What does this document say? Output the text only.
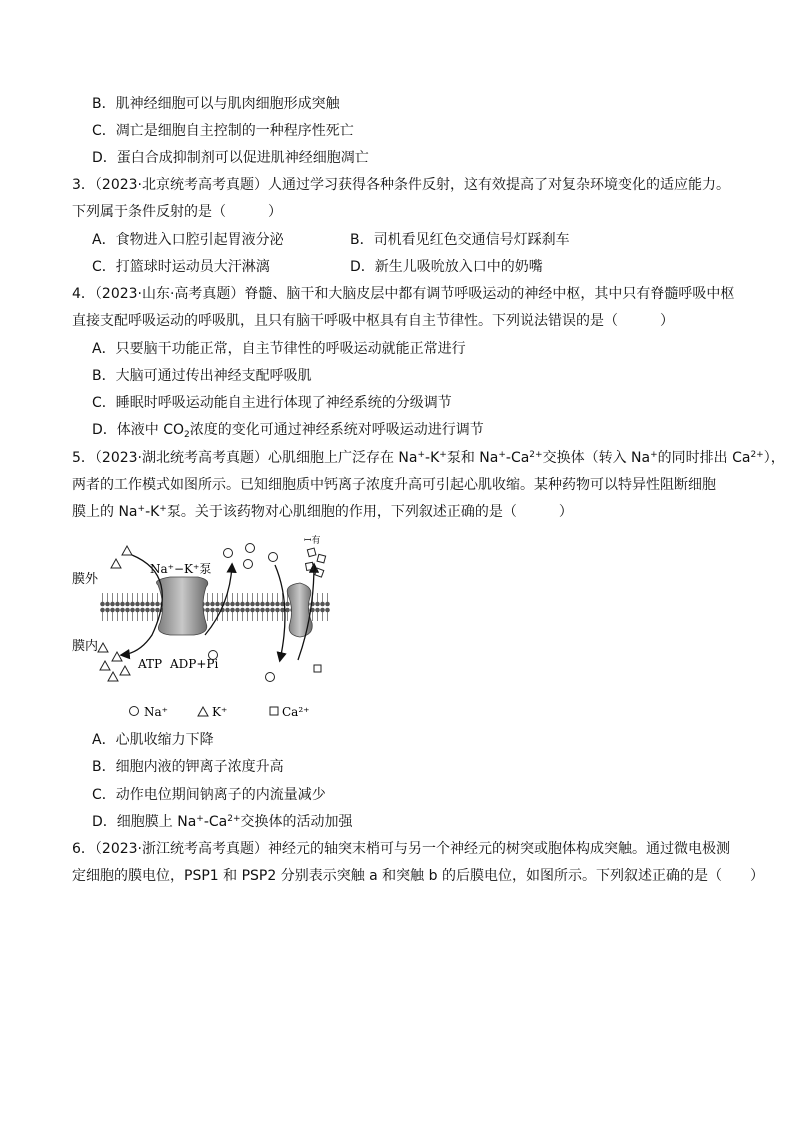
B．肌神经细胞可以与肌肉细胞形成突触
C．凋亡是细胞自主控制的一种程序性死亡
D．蛋白合成抑制剂可以促进肌神经细胞凋亡
3．（2023·北京统考高考真题）人通过学习获得各种条件反射，这有效提高了对复杂环境变化的适应能力。
下列属于条件反射的是（　　　）
A．食物进入口腔引起胃液分泌	B．司机看见红色交通信号灯踩刹车
C．打篮球时运动员大汗淋漓	D．新生儿吸吮放入口中的奶嘴
4．（2023·山东·高考真题）脊髓、脑干和大脑皮层中都有调节呼吸运动的神经中枢，其中只有脊髓呼吸中枢
直接支配呼吸运动的呼吸肌，且只有脑干呼吸中枢具有自主节律性。下列说法错误的是（　　　）
A．只要脑干功能正常，自主节律性的呼吸运动就能正常进行
B．大脑可通过传出神经支配呼吸肌
C．睡眠时呼吸运动能自主进行体现了神经系统的分级调节
D．体液中 $CO_2$浓度的变化可通过神经系统对呼吸运动进行调节
5．（2023·湖北统考高考真题）心肌细胞上广泛存在 Na+-K+泵和 $Na^+-Ca^{2+}$交换体（转入 Na+的同时排出 $Ca^{2+}$），
两者的工作模式如图所示。已知细胞质中钙离子浓度升高可引起心肌收缩。某种药物可以特异性阻断细胞
膜上的 Na+-K+泵。关于该药物对心肌细胞的作用，下列叙述正确的是（　　　）
膜外
膜内
Na⁺−K⁺泵
ꟷ有
ATP ADP+Pi
Na⁺	K⁺	Ca²⁺
A．心肌收缩力下降
B．细胞内液的钾离子浓度升高
C．动作电位期间钠离子的内流量减少
D．细胞膜上 $Na^+-Ca^{2+}$交换体的活动加强
6．（2023·浙江统考高考真题）神经元的轴突末梢可与另一个神经元的树突或胞体构成突触。通过微电极测
定细胞的膜电位，PSP1 和 PSP2 分别表示突触 a 和突触 b 的后膜电位，如图所示。下列叙述正确的是（　　）
